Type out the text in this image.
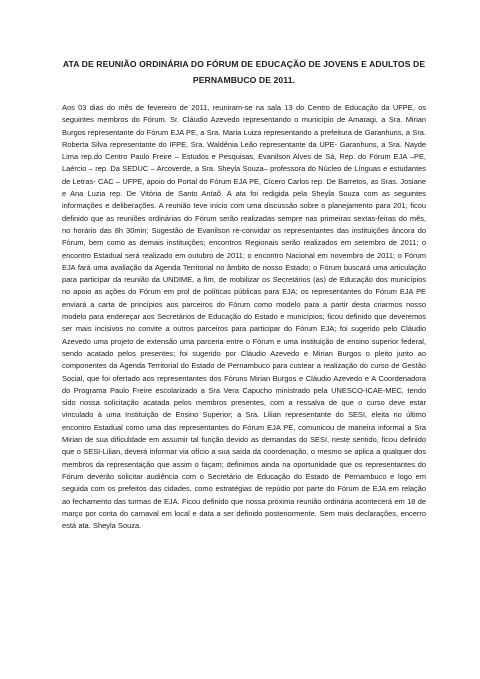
ATA DE REUNIÃO ORDINÁRIA DO FÓRUM DE EDUCAÇÃO DE JOVENS E ADULTOS DE
PERNAMBUCO DE 2011.

Aos 03 dias do mês de fevereiro de 2011, reuniram-se na sala 13 do Centro de Educação da UFPE, os seguintes membros do Fórum. Sr. Cláudio Azevedo representando o município de Amaragi, a Sra. Mirian Burgos representante do Fórum EJA PE, a Sra. Maria Luiza representando a prefeitura de Garanhuns, a Sra. Roberta Silva representante do IFPE, Sra. Waldênia Leão representante da UPE- Garanhuns, a Sra. Nayde Lima rep.do Centro Paulo Freire – Estudos e Pesquisas, Evanilson Alves de Sá, Rep. do Fórum EJA –PE, Laércio – rep. Da SEDUC – Arcoverde, a Sra. Sheyla Souza– professora do Núcleo de Línguas e estudantes de Letras- CAC – UFPE, apoio do Portal do Fórum EJA PE, Cícero Carlos rep. De Barretos, as Sras. Josiane e Ana Luzia rep. De Vitória de Santo Antaõ. A ata foi redigida pela Sheyla Souza com as seguintes informações e deliberações. A reunião teve início com uma discussão sobre o planejamento para 201; ficou definido que as reuniões ordinárias do Fórum serão realizadas sempre nas primeiras sextas-feiras do mês, no horário das 8h 30min; Sugestão de Evanilson re-convidar os representantes das instituições âncora do Fórum, bem como as demais instituições; encontros Regionais serão realizados em setembro de 2011; o encontro Estadual será realizado em outubro de 2011; o encontro Nacional em novembro de 2011; o Fórum EJA fará uma avaliação da Agenda Territorial no âmbito de nosso Estado; o Fórum buscará uma articulação para participar da reunião da UNDIME, a fim, de mobilizar os Secretários (as) de Educação dos municípios no apoio as ações do Fórum em prol de políticas públicas para EJA; os representantes do Fórum EJA PE enviará a carta de princípios aos parceiros do Fórum como modelo para a partir desta criarmos nosso modelo para endereçar aos Secretários de Educação do Estado e municípios; ficou definido que deveremos ser mais incisivos no convite a outros parceiros para participar do Fórum EJA; foi sugerido pelo Cláudio Azevedo uma projeto de extensão uma parceria entre o Fórum e uma instituição de ensino superior federal, sendo acatado pelos presentes; foi sugerido por Cláudio Azevedo e Mirian Burgos o pleito junto ao componentes da Agenda Territorial do Estado de Pernambuco para custear a realização do curso de Gestão Social, que foi ofertado aos representantes dos Fóruns Mirian Burgos e Cláudio Azevedo e A Coordenadora do Programa Paulo Freire escolarizado a Sra Vera Capucho ministrado pela UNESCO-ICAE-MEC, tendo sido nossa solicitação acatada pelos membros presentes, com a ressalva de que o curso deve estar vinculado à uma Instituição de Ensino Superior; a Sra. Lilian representante do SESI, eleita no último encontro Estadual como uma das representantes do Fórum EJA PE, comunicou de maneira informal a Sra Mirian de sua dificuldade em assumir tal função devido as demandas do SESI, neste sentido, ficou definido que o SESI-Lilian, deverá informar via ofício a sua saída da coordenação, o mesmo se aplica a qualquer dos membros da representação que assim o façam; definimos ainda na oportunidade que os representantes do Fórum deverão solicitar audiência com o Secretário de Educação do Estado de Pernambuco e logo em seguida com os prefeitos das cidades, como estratégias de repúdio por parte do Fórum de EJA em relação ao fechamento das turmas de EJA. Ficou definido que nossa próxima reunião ordinária acontecerá em 18 de março por conta do carnaval em local e data a ser definido posteriormente. Sem mais declarações, encerro está ata. Sheyla Souza.
